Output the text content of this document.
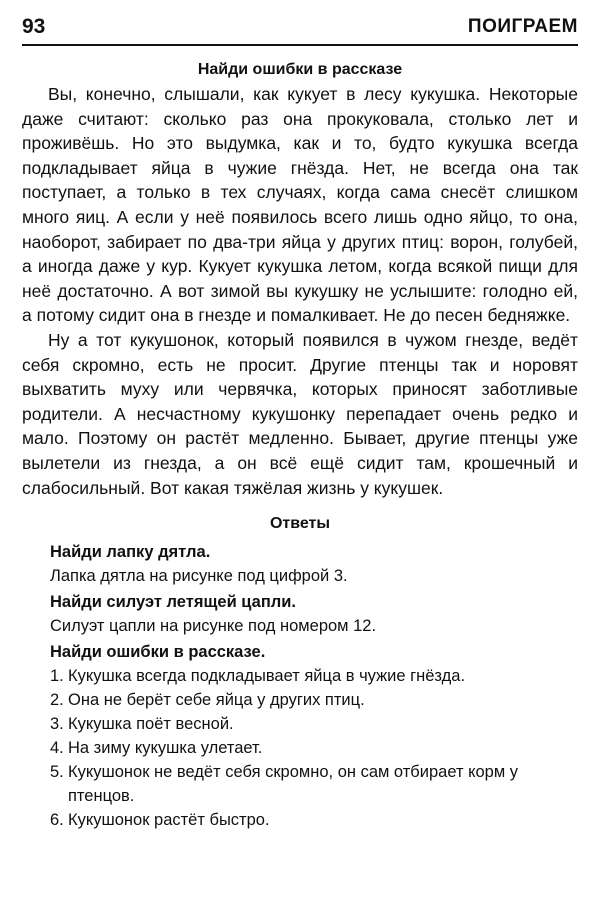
93	ПОИГРАЕМ
Найди ошибки в рассказе

Вы, конечно, слышали, как кукует в лесу кукушка. Некоторые даже считают: сколько раз она прокуковала, столько лет и проживёшь. Но это выдумка, как и то, будто кукушка всегда подкладывает яйца в чужие гнёзда. Нет, не всегда она так поступает, а только в тех случаях, когда сама снесёт слишком много яиц. А если у неё появилось всего лишь одно яйцо, то она, наоборот, забирает по два-три яйца у других птиц: ворон, голубей, а иногда даже у кур. Кукует кукушка летом, когда всякой пищи для неё достаточно. А вот зимой вы кукушку не услышите: голодно ей, а потому сидит она в гнезде и помалкивает. Не до песен бедняжке.

Ну а тот кукушонок, который появился в чужом гнезде, ведёт себя скромно, есть не просит. Другие птенцы так и норовят выхватить муху или червячка, которых приносят заботливые родители. А несчастному кукушонку перепадает очень редко и мало. Поэтому он растёт медленно. Бывает, другие птенцы уже вылетели из гнезда, а он всё ещё сидит там, крошечный и слабосильный. Вот какая тяжёлая жизнь у кукушек.

Ответы
Найди лапку дятла.
Лапка дятла на рисунке под цифрой 3.
Найди силуэт летящей цапли.
Силуэт цапли на рисунке под номером 12.
Найди ошибки в рассказе.
1. Кукушка всегда подкладывает яйца в чужие гнёзда.
2. Она не берёт себе яйца у других птиц.
3. Кукушка поёт весной.
4. На зиму кукушка улетает.
5. Кукушонок не ведёт себя скромно, он сам отбирает корм у птенцов.
6. Кукушонок растёт быстро.
